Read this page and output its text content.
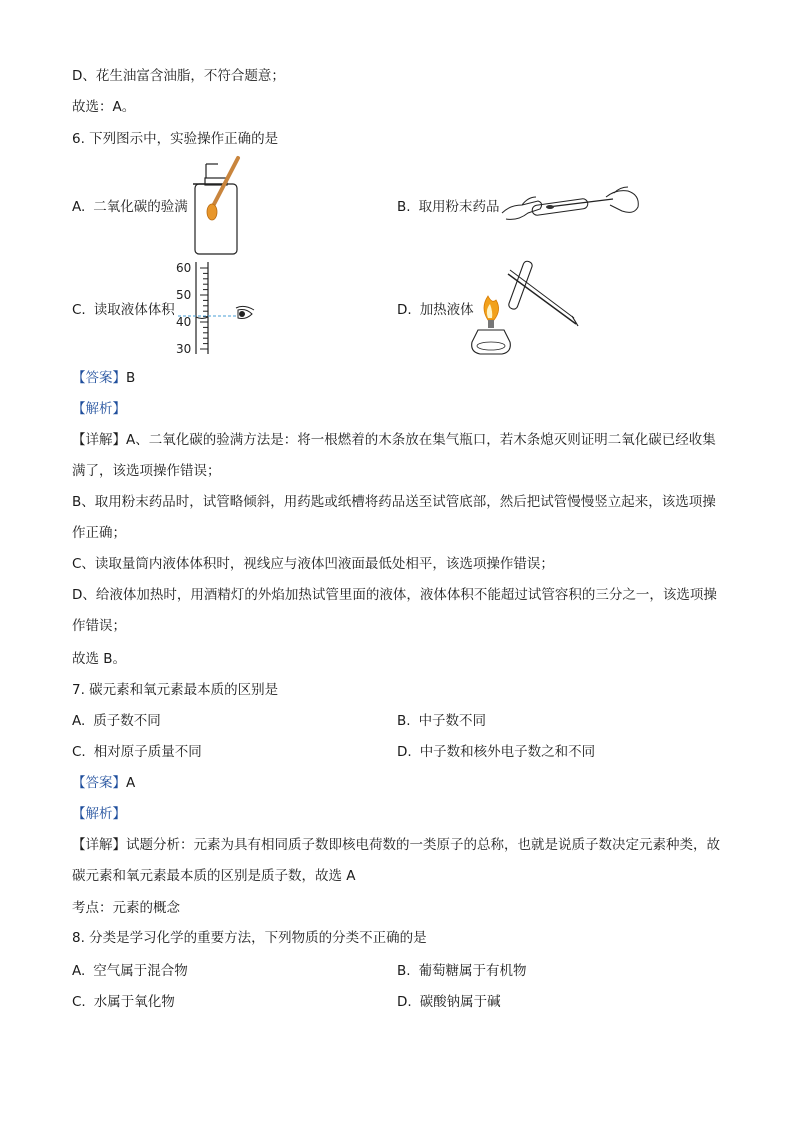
D、花生油富含油脂，不符合题意；
故选：A。
6. 下列图示中，实验操作正确的是
A. 二氧化碳的验满	B. 取用粉末药品
C. 读取液体体积
60
50
40
30
D. 加热液体
【答案】B
【解析】
【详解】A、二氧化碳的验满方法是：将一根燃着的木条放在集气瓶口，若木条熄灭则证明二氧化碳已经收集满了，该选项操作错误；
B、取用粉末药品时，试管略倾斜，用药匙或纸槽将药品送至试管底部，然后把试管慢慢竖立起来，该选项操作正确；
C、读取量筒内液体体积时，视线应与液体凹液面最低处相平，该选项操作错误；
D、给液体加热时，用酒精灯的外焰加热试管里面的液体，液体体积不能超过试管容积的三分之一，该选项操作错误；
故选 B。
7. 碳元素和氧元素最本质的区别是
A. 质子数不同	B. 中子数不同
C. 相对原子质量不同	D. 中子数和核外电子数之和不同
【答案】A
【解析】
【详解】试题分析：元素为具有相同质子数即核电荷数的一类原子的总称，也就是说质子数决定元素种类，故碳元素和氧元素最本质的区别是质子数，故选 A
考点：元素的概念
8. 分类是学习化学的重要方法，下列物质的分类不正确的是
A. 空气属于混合物	B. 葡萄糖属于有机物
C. 水属于氧化物	D. 碳酸钠属于碱
